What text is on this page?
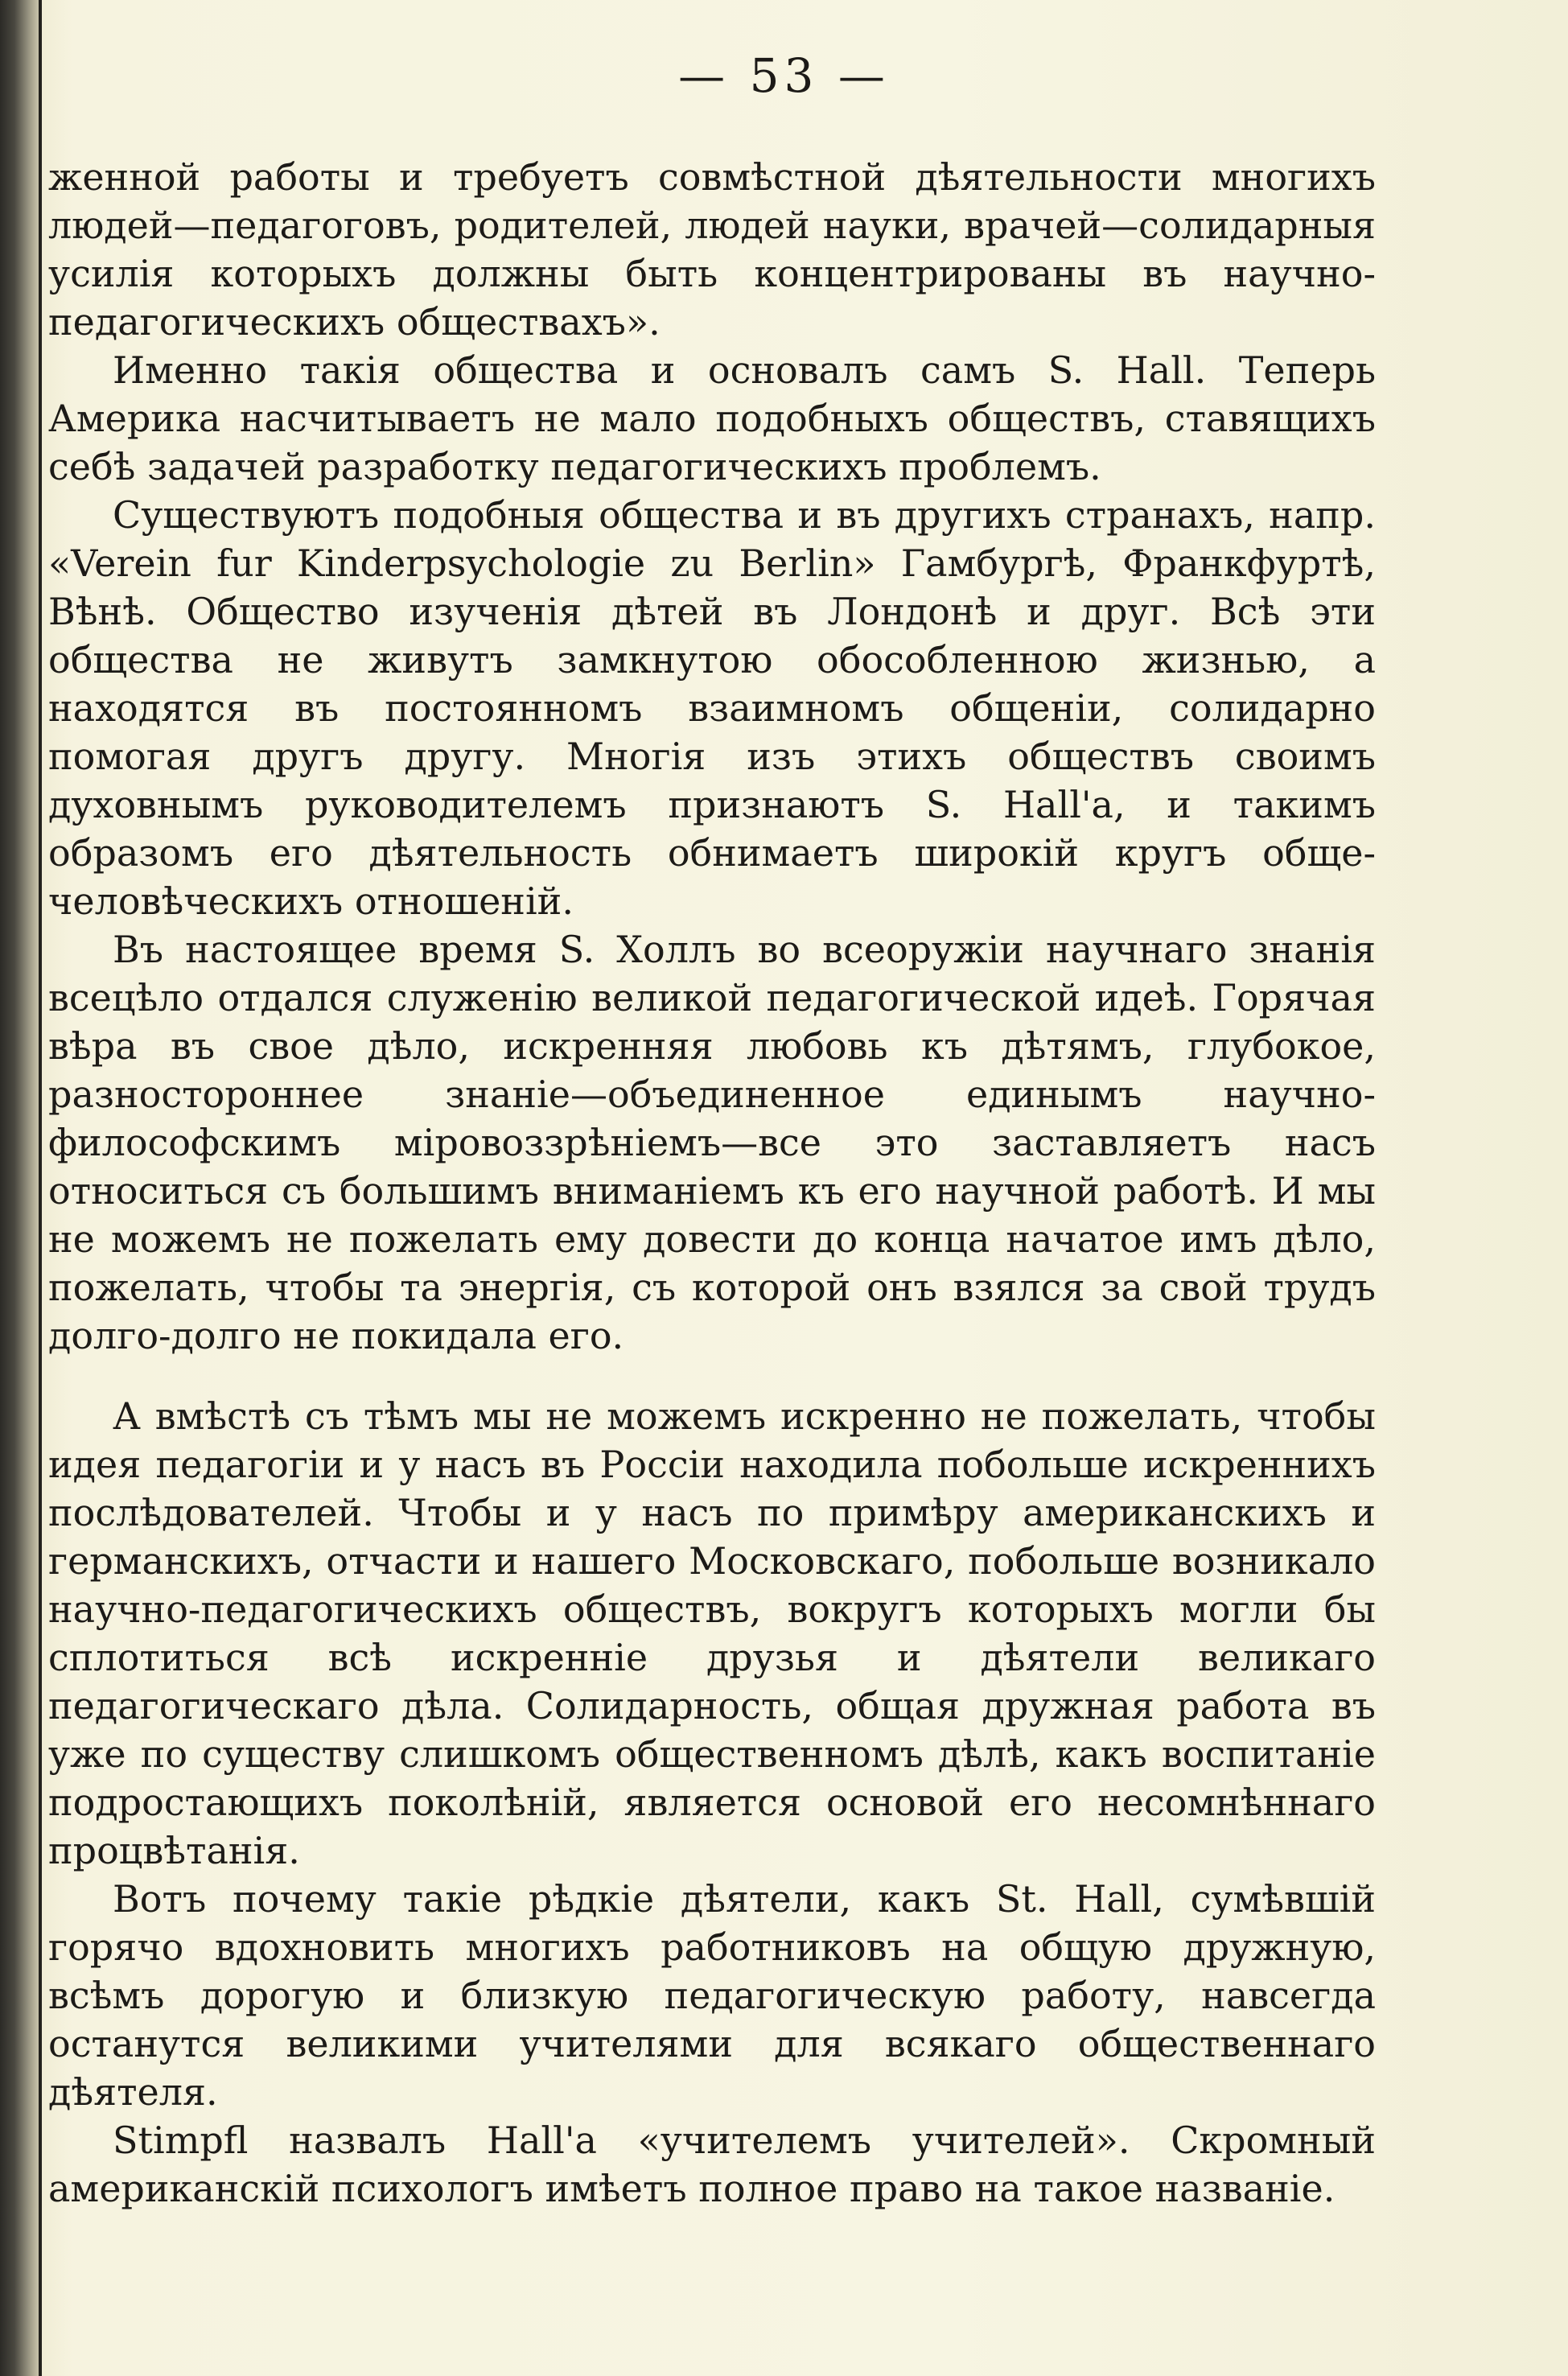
— 53 —

женной работы и требуетъ совмѣстной дѣятельности многихъ людей—педагоговъ, родителей, людей науки, врачей—солидарныя усилія которыхъ должны быть концентрированы въ научно-педагогическихъ обществахъ».

Именно такія общества и основалъ самъ S. Hall. Теперь Америка насчитываетъ не мало подобныхъ обществъ, ставящихъ себѣ задачей разработку педагогическихъ проблемъ.

Существуютъ подобныя общества и въ другихъ странахъ, напр. «Verein fur Kinderpsychologie zu Berlin» Гамбургѣ, Франкфуртѣ, Вѣнѣ. Общество изученія дѣтей въ Лондонѣ и друг. Всѣ эти общества не живутъ замкнутою обособленною жизнью, а находятся въ постоянномъ взаимномъ общеніи, солидарно помогая другъ другу. Многія изъ этихъ обществъ своимъ духовнымъ руководителемъ признаютъ S. Hall'a, и такимъ образомъ его дѣятельность обнимаетъ широкій кругъ обще-человѣческихъ отношеній.

Въ настоящее время S. Холлъ во всеоружіи научнаго знанія всецѣло отдался служенію великой педагогической идеѣ. Горячая вѣра въ свое дѣло, искренняя любовь къ дѣтямъ, глубокое, разностороннее знаніе—объединенное единымъ научно-философскимъ міровоззрѣніемъ—все это заставляетъ насъ относиться съ большимъ вниманіемъ къ его научной работѣ. И мы не можемъ не пожелать ему довести до конца начатое имъ дѣло, пожелать, чтобы та энергія, съ которой онъ взялся за свой трудъ долго-долго не покидала его.

А вмѣстѣ съ тѣмъ мы не можемъ искренно не пожелать, чтобы идея педагогіи и у насъ въ Россіи находила побольше искреннихъ послѣдователей. Чтобы и у насъ по примѣру американскихъ и германскихъ, отчасти и нашего Московскаго, побольше возникало научно-педагогическихъ обществъ, вокругъ которыхъ могли бы сплотиться всѣ искренніе друзья и дѣятели великаго педагогическаго дѣла. Солидарность, общая дружная работа въ уже по существу слишкомъ общественномъ дѣлѣ, какъ воспитаніе подростающихъ поколѣній, является основой его несомнѣннаго процвѣтанія.

Вотъ почему такіе рѣдкіе дѣятели, какъ St. Hall, сумѣвшій горячо вдохновить многихъ работниковъ на общую дружную, всѣмъ дорогую и близкую педагогическую работу, навсегда останутся великими учителями для всякаго общественнаго дѣятеля.

Stimpfl назвалъ Hall'a «учителемъ учителей». Скромный американскій психологъ имѣетъ полное право на такое названіе.
